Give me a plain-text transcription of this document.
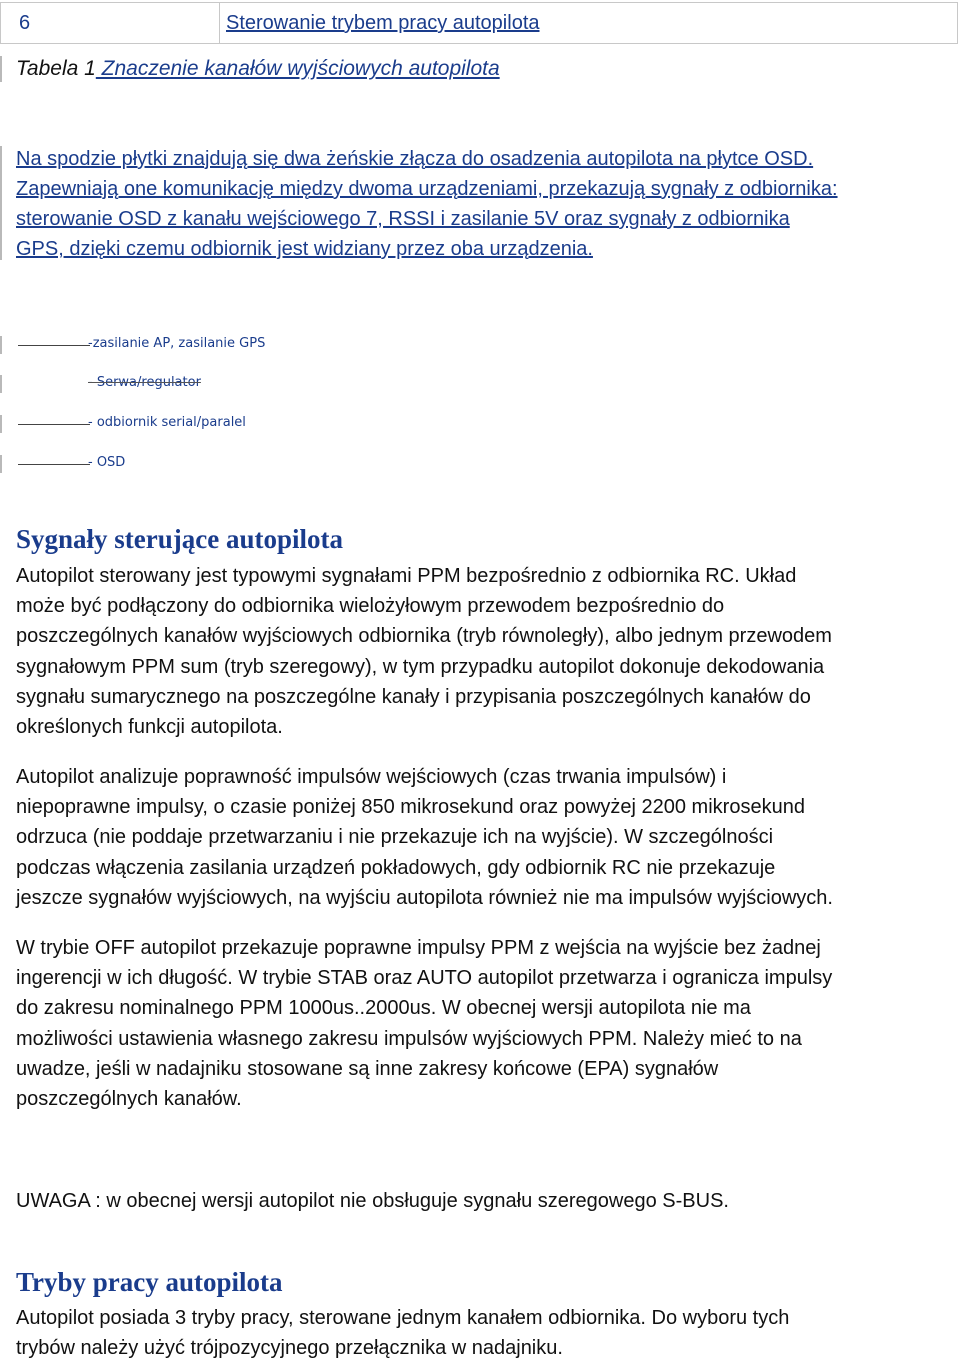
6	Sterowanie trybem pracy autopilota
Tabela 1 Znaczenie kanałów wyjściowych autopilota
Na spodzie płytki znajdują się dwa żeńskie złącza do osadzenia autopilota na płytce OSD.
Zapewniają one komunikację między dwoma urządzeniami, przekazują sygnały z odbiornika:
sterowanie OSD z kanału wejściowego 7, RSSI i zasilanie 5V oraz sygnały z odbiornika
GPS, dzięki czemu odbiornik jest widziany przez oba urządzenia.
-zasilanie AP, zasilanie GPS
- Serwa/regulator
- odbiornik serial/paralel
- OSD
Sygnały sterujące autopilota
Autopilot sterowany jest typowymi sygnałami PPM bezpośrednio z odbiornika RC. Układ
może być podłączony do odbiornika wielożyłowym przewodem bezpośrednio do
poszczególnych kanałów wyjściowych odbiornika (tryb równoległy), albo jednym przewodem
sygnałowym PPM sum (tryb szeregowy), w tym przypadku autopilot dokonuje dekodowania
sygnału sumarycznego na poszczególne kanały i przypisania poszczególnych kanałów do
określonych funkcji autopilota.
Autopilot analizuje poprawność impulsów wejściowych (czas trwania impulsów) i
niepoprawne impulsy, o czasie poniżej 850 mikrosekund oraz powyżej 2200 mikrosekund
odrzuca (nie poddaje przetwarzaniu i nie przekazuje ich na wyjście). W szczególności
podczas włączenia zasilania urządzeń pokładowych, gdy odbiornik RC nie przekazuje
jeszcze sygnałów wyjściowych, na wyjściu autopilota również nie ma impulsów wyjściowych.
W trybie OFF autopilot przekazuje poprawne impulsy PPM z wejścia na wyjście bez żadnej
ingerencji w ich długość. W trybie STAB oraz AUTO autopilot przetwarza i ogranicza impulsy
do zakresu nominalnego PPM 1000us..2000us. W obecnej wersji autopilota nie ma
możliwości ustawienia własnego zakresu impulsów wyjściowych PPM. Należy mieć to na
uwadze, jeśli w nadajniku stosowane są inne zakresy końcowe (EPA) sygnałów
poszczególnych kanałów.
UWAGA : w obecnej wersji autopilot nie obsługuje sygnału szeregowego S-BUS.
Tryby pracy autopilota
Autopilot posiada 3 tryby pracy, sterowane jednym kanałem odbiornika. Do wyboru tych
trybów należy użyć trójpozycyjnego przełącznika w nadajniku.
